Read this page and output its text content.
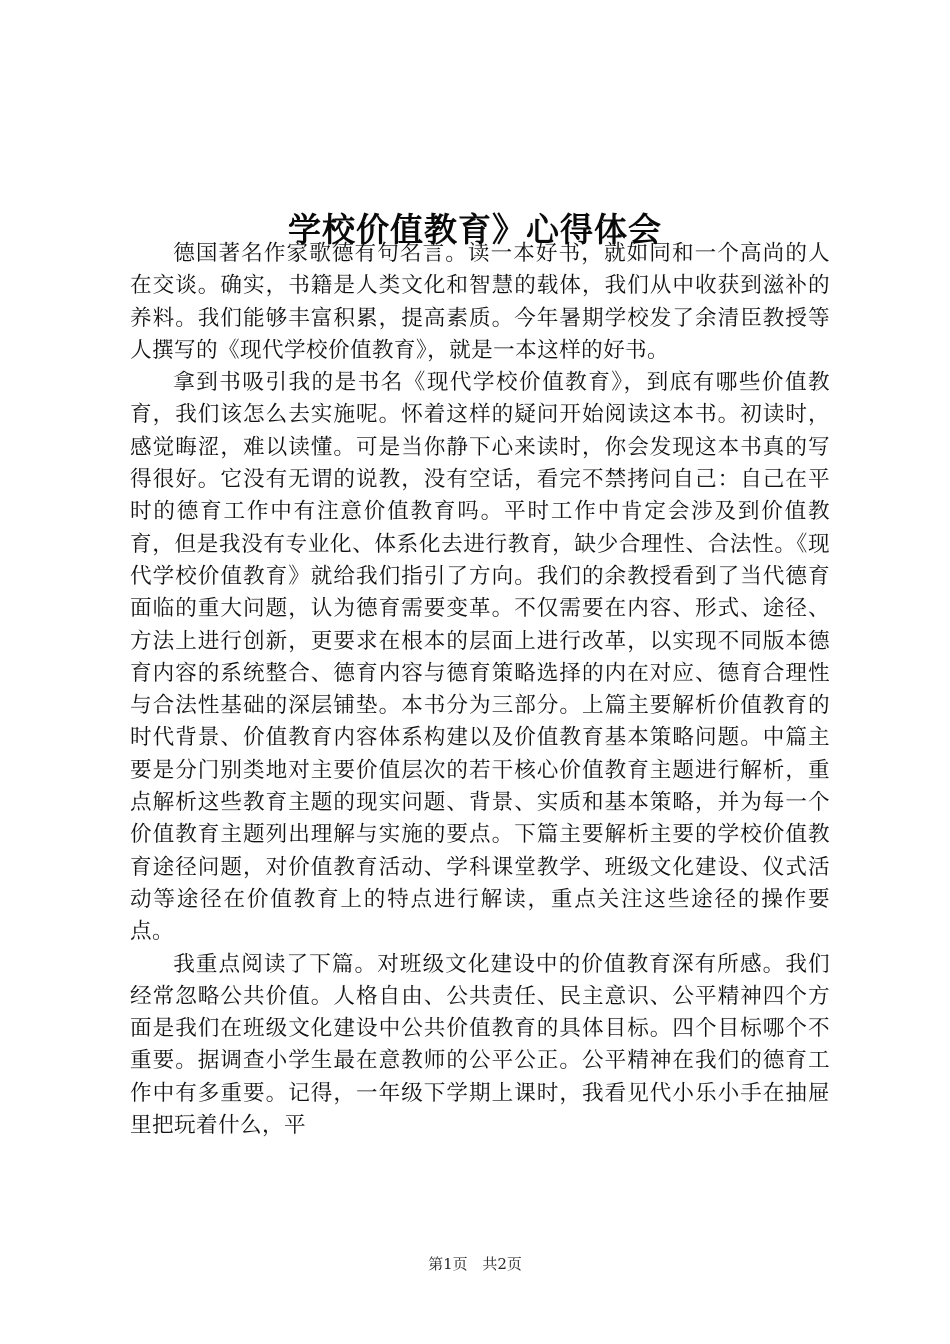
学校价值教育》心得体会

德国著名作家歌德有句名言。读一本好书，就如同和一个高尚的人在交谈。确实，书籍是人类文化和智慧的载体，我们从中收获到滋补的养料。我们能够丰富积累，提高素质。今年暑期学校发了余清臣教授等人撰写的《现代学校价值教育》，就是一本这样的好书。

拿到书吸引我的是书名《现代学校价值教育》，到底有哪些价值教育，我们该怎么去实施呢。怀着这样的疑问开始阅读这本书。初读时，感觉晦涩，难以读懂。可是当你静下心来读时，你会发现这本书真的写得很好。它没有无谓的说教，没有空话，看完不禁拷问自己：自己在平时的德育工作中有注意价值教育吗。平时工作中肯定会涉及到价值教育，但是我没有专业化、体系化去进行教育，缺少合理性、合法性。《现代学校价值教育》就给我们指引了方向。我们的余教授看到了当代德育面临的重大问题，认为德育需要变革。不仅需要在内容、形式、途径、方法上进行创新，更要求在根本的层面上进行改革，以实现不同版本德育内容的系统整合、德育内容与德育策略选择的内在对应、德育合理性与合法性基础的深层铺垫。本书分为三部分。上篇主要解析价值教育的时代背景、价值教育内容体系构建以及价值教育基本策略问题。中篇主要是分门别类地对主要价值层次的若干核心价值教育主题进行解析，重点解析这些教育主题的现实问题、背景、实质和基本策略，并为每一个价值教育主题列出理解与实施的要点。下篇主要解析主要的学校价值教育途径问题，对价值教育活动、学科课堂教学、班级文化建设、仪式活动等途径在价值教育上的特点进行解读，重点关注这些途径的操作要点。

我重点阅读了下篇。对班级文化建设中的价值教育深有所感。我们经常忽略公共价值。人格自由、公共责任、民主意识、公平精神四个方面是我们在班级文化建设中公共价值教育的具体目标。四个目标哪个不重要。据调查小学生最在意教师的公平公正。公平精神在我们的德育工作中有多重要。记得，一年级下学期上课时，我看见代小乐小手在抽屉里把玩着什么，平

第1页 共2页
